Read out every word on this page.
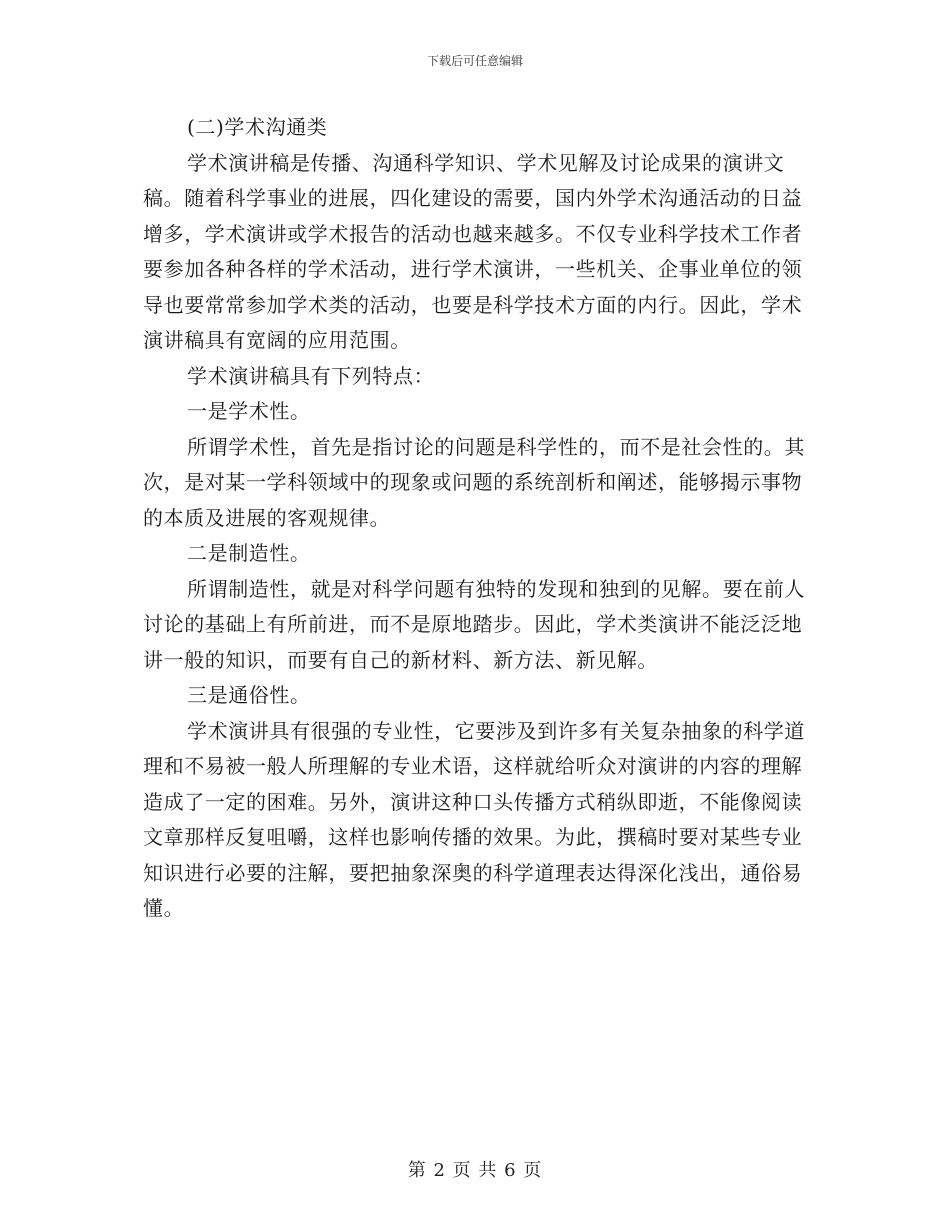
下载后可任意编辑

(二)学术沟通类

学术演讲稿是传播、沟通科学知识、学术见解及讨论成果的演讲文稿。随着科学事业的进展，四化建设的需要，国内外学术沟通活动的日益增多，学术演讲或学术报告的活动也越来越多。不仅专业科学技术工作者要参加各种各样的学术活动，进行学术演讲，一些机关、企事业单位的领导也要常常参加学术类的活动，也要是科学技术方面的内行。因此，学术演讲稿具有宽阔的应用范围。

学术演讲稿具有下列特点：

一是学术性。

所谓学术性，首先是指讨论的问题是科学性的，而不是社会性的。其次，是对某一学科领域中的现象或问题的系统剖析和阐述，能够揭示事物的本质及进展的客观规律。

二是制造性。

所谓制造性，就是对科学问题有独特的发现和独到的见解。要在前人讨论的基础上有所前进，而不是原地踏步。因此，学术类演讲不能泛泛地讲一般的知识，而要有自己的新材料、新方法、新见解。

三是通俗性。

学术演讲具有很强的专业性，它要涉及到许多有关复杂抽象的科学道理和不易被一般人所理解的专业术语，这样就给听众对演讲的内容的理解造成了一定的困难。另外，演讲这种口头传播方式稍纵即逝，不能像阅读文章那样反复咀嚼，这样也影响传播的效果。为此，撰稿时要对某些专业知识进行必要的注解，要把抽象深奥的科学道理表达得深化浅出，通俗易懂。

第 2 页 共 6 页
